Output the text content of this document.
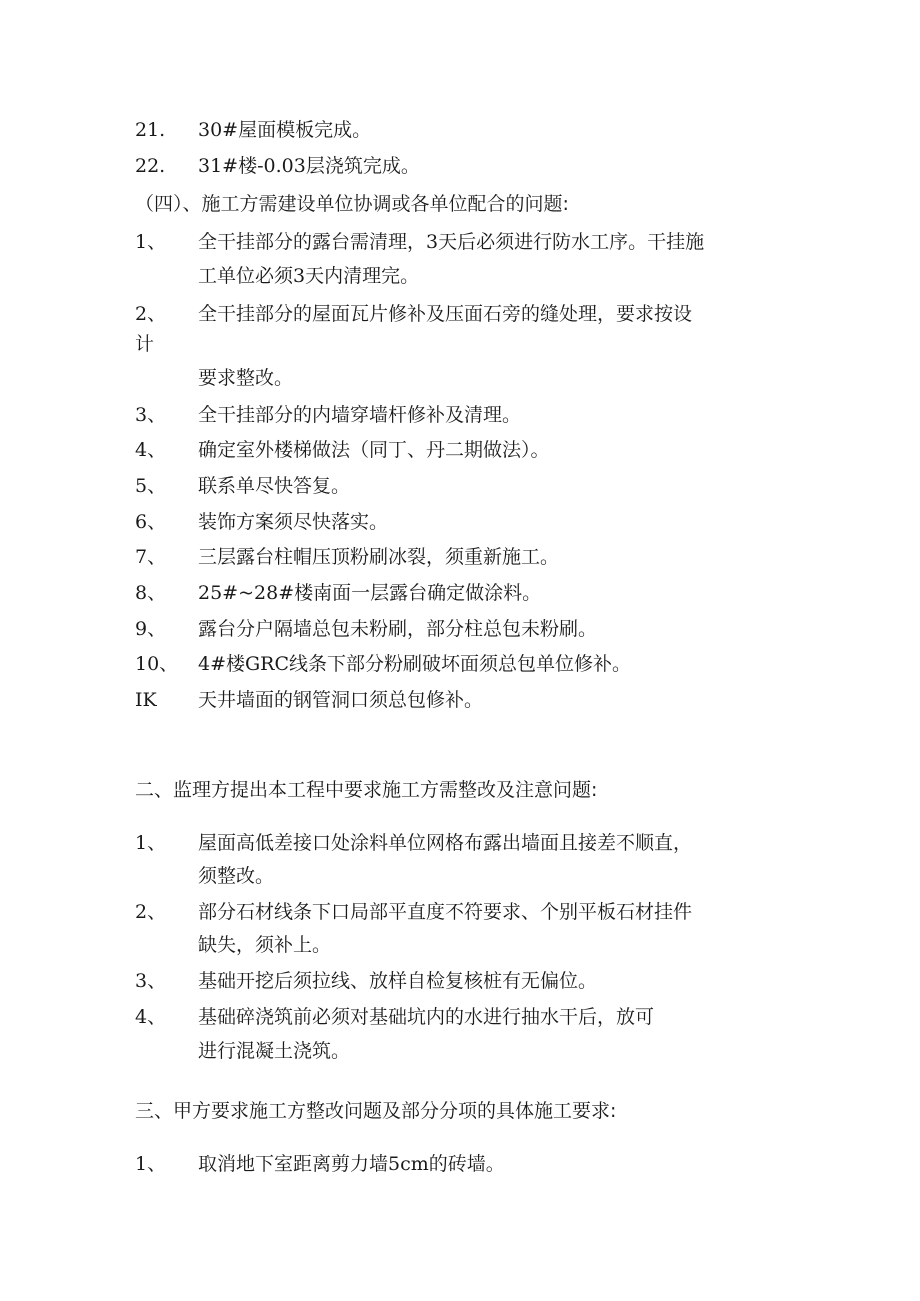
21. 30#屋面模板完成。
22. 31#楼-0.03层浇筑完成。
（四）、施工方需建设单位协调或各单位配合的问题:
1、 全干挂部分的露台需清理，3天后必须进行防水工序。干挂施
工单位必须3天内清理完。
2、 全干挂部分的屋面瓦片修补及压面石旁的缝处理，要求按设
计
要求整改。
3、 全干挂部分的内墙穿墙杆修补及清理。
4、 确定室外楼梯做法（同丁、丹二期做法）。
5、 联系单尽快答复。
6、 装饰方案须尽快落实。
7、 三层露台柱帽压顶粉刷冰裂，须重新施工。
8、 25#~28#楼南面一层露台确定做涂料。
9、 露台分户隔墙总包未粉刷，部分柱总包未粉刷。
10、 4#楼GRC线条下部分粉刷破坏面须总包单位修补。
IK 天井墙面的钢管洞口须总包修补。
二、监理方提出本工程中要求施工方需整改及注意问题:
1、 屋面高低差接口处涂料单位网格布露出墙面且接差不顺直，
须整改。
2、 部分石材线条下口局部平直度不符要求、个别平板石材挂件
缺失，须补上。
3、 基础开挖后须拉线、放样自检复核桩有无偏位。
4、 基础碎浇筑前必须对基础坑内的水进行抽水干后，放可
进行混凝土浇筑。
三、甲方要求施工方整改问题及部分分项的具体施工要求:
1、 取消地下室距离剪力墙5cm的砖墙。
